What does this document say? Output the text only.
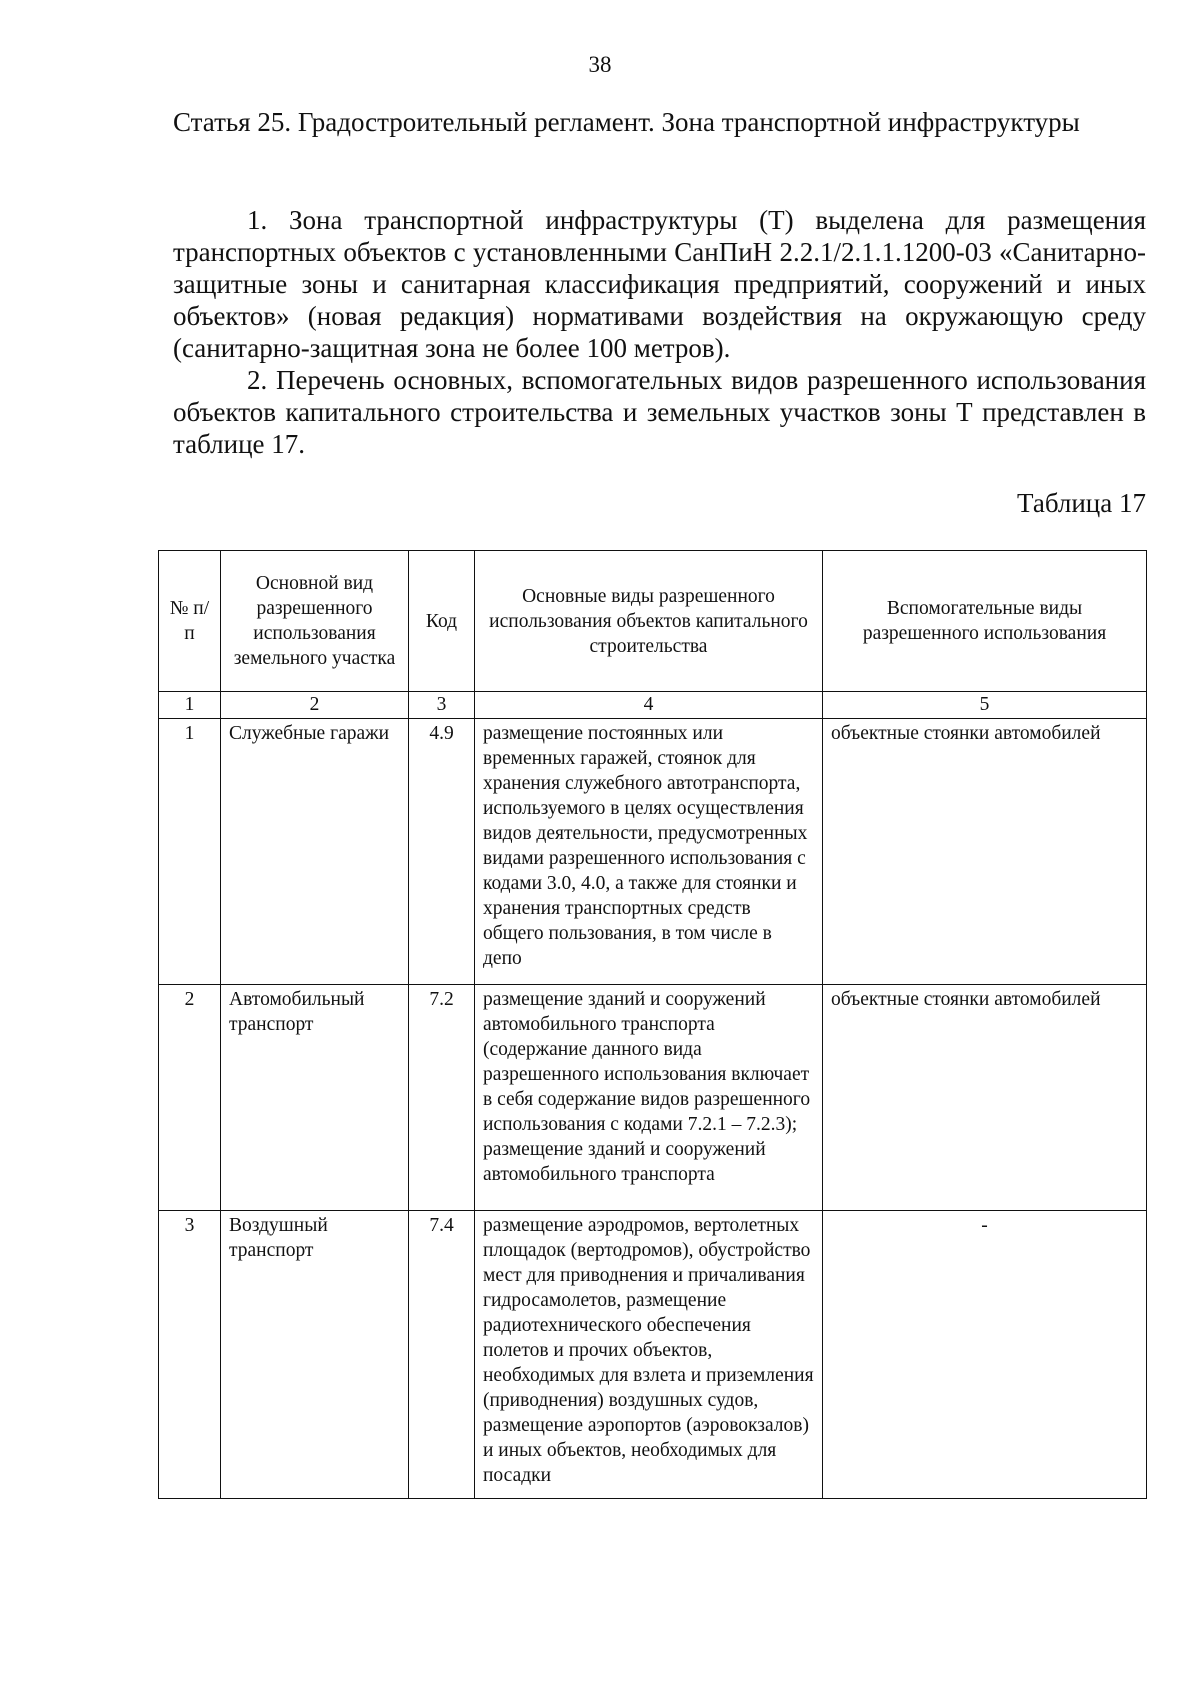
38
Статья 25. Градостроительный регламент. Зона транспортной инфраструктуры

1. Зона транспортной инфраструктуры (Т) выделена для размещения транспортных объектов с установленными СанПиН 2.2.1/2.1.1.1200-03 «Санитарно-защитные зоны и санитарная классификация предприятий, сооружений и иных объектов» (новая редакция) нормативами воздействия на окружающую среду (санитарно-защитная зона не более 100 метров).

2. Перечень основных, вспомогательных видов разрешенного использования объектов капитального строительства и земельных участков зоны Т представлен в таблице 17.

Таблица 17
№ п/п	Основной вид разрешенного использования земельного участка	Код	Основные виды разрешенного использования объектов капитального строительства	Вспомогательные виды разрешенного использования
1	2	3	4	5
1	Служебные гаражи	4.9	размещение постоянных или временных гаражей, стоянок для хранения служебного автотранспорта, используемого в целях осуществления видов деятельности, предусмотренных видами разрешенного использования с кодами 3.0, 4.0, а также для стоянки и хранения транспортных средств общего пользования, в том числе в депо	объектные стоянки автомобилей
2	Автомобильный транспорт	7.2	размещение зданий и сооружений автомобильного транспорта (содержание данного вида разрешенного использования включает в себя содержание видов разрешенного использования с кодами 7.2.1 – 7.2.3); размещение зданий и сооружений автомобильного транспорта	объектные стоянки автомобилей
3	Воздушный транспорт	7.4	размещение аэродромов, вертолетных площадок (вертодромов), обустройство мест для приводнения и причаливания гидросамолетов, размещение радиотехнического обеспечения полетов и прочих объектов, необходимых для взлета и приземления (приводнения) воздушных судов, размещение аэропортов (аэровокзалов) и иных объектов, необходимых для посадки	-
